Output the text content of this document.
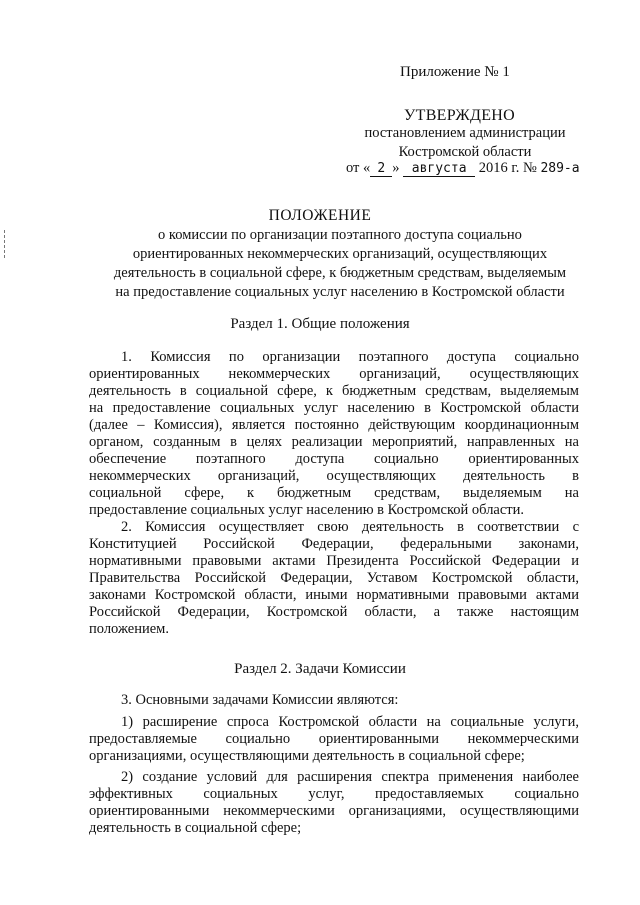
Приложение № 1
УТВЕРЖДЕНО
постановлением администрации
Костромской области
от « 2 » августа 2016 г. № 289-а
ПОЛОЖЕНИЕ
о комиссии по организации поэтапного доступа социально
ориентированных некоммерческих организаций, осуществляющих
деятельность в социальной сфере, к бюджетным средствам, выделяемым
на предоставление социальных услуг населению в Костромской области
Раздел 1. Общие положения
1. Комиссия по организации поэтапного доступа социально
ориентированных некоммерческих организаций, осуществляющих
деятельность в социальной сфере, к бюджетным средствам, выделяемым
на предоставление социальных услуг населению в Костромской области
(далее – Комиссия), является постоянно действующим координационным
органом, созданным в целях реализации мероприятий, направленных на
обеспечение поэтапного доступа социально ориентированных
некоммерческих организаций, осуществляющих деятельность в
социальной сфере, к бюджетным средствам, выделяемым на
предоставление социальных услуг населению в Костромской области.
2. Комиссия осуществляет свою деятельность в соответствии с
Конституцией Российской Федерации, федеральными законами,
нормативными правовыми актами Президента Российской Федерации и
Правительства Российской Федерации, Уставом Костромской области,
законами Костромской области, иными нормативными правовыми актами
Российской Федерации, Костромской области, а также настоящим
положением.
Раздел 2. Задачи Комиссии
3. Основными задачами Комиссии являются:
1) расширение спроса Костромской области на социальные услуги,
предоставляемые социально ориентированными некоммерческими
организациями, осуществляющими деятельность в социальной сфере;
2) создание условий для расширения спектра применения наиболее
эффективных социальных услуг, предоставляемых социально
ориентированными некоммерческими организациями, осуществляющими
деятельность в социальной сфере;
